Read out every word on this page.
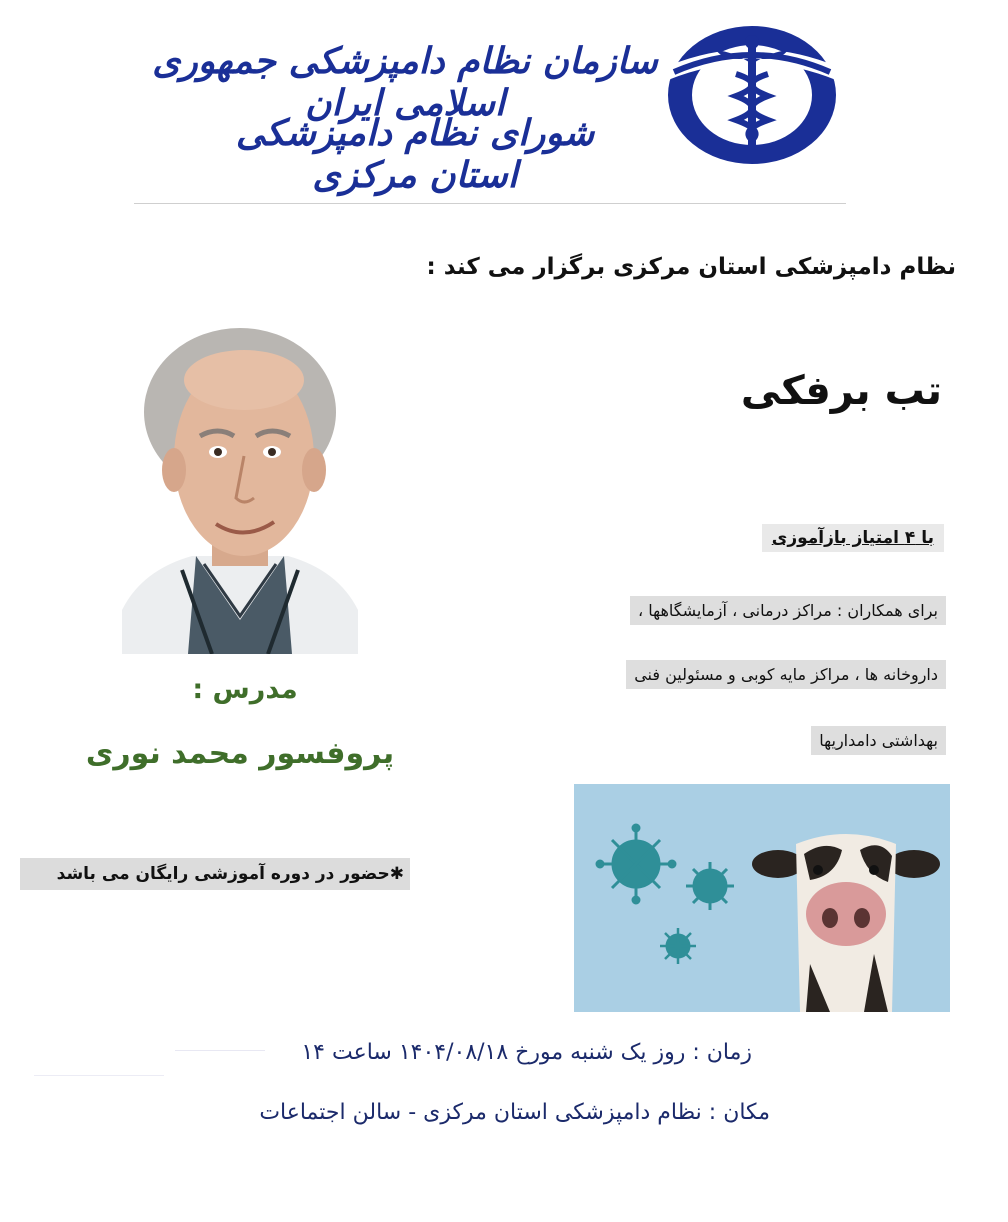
سازمان نظام دامپزشکی جمهوری اسلامی ایران
شورای نظام دامپزشکی استان مرکزی
نظام دامپزشکی استان مرکزی برگزار می کند :
تب برفکی
با ۴ امتیاز بازآموزی
برای همکاران : مراکز درمانی ، آزمایشگاهها ،
داروخانه ها ، مراکز مایه کوبی و مسئولین فنی
بهداشتی دامداریها
مدرس :
پروفسور محمد نوری
✱حضور در دوره آموزشی رایگان می باشد
زمان : روز یک شنبه مورخ ۱۴۰۴/۰۸/۱۸ ساعت ۱۴
مکان : نظام دامپزشکی استان مرکزی - سالن اجتماعات
